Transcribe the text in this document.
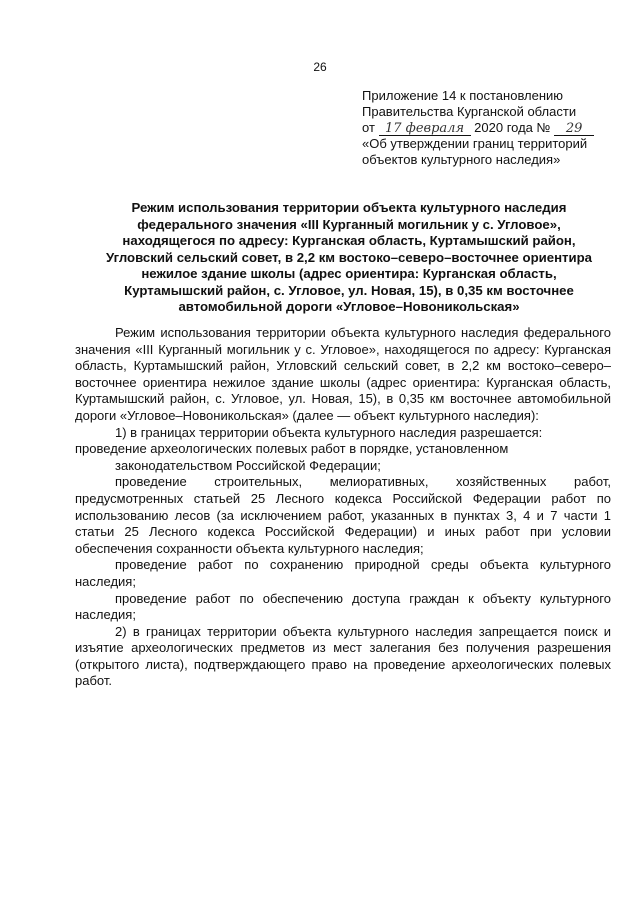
26
Приложение 14 к постановлению
Правительства Курганской области
от 17 февраля 2020 года № 29
«Об утверждении границ территорий
объектов культурного наследия»
Режим использования территории объекта культурного наследия федерального значения «III Курганный могильник у с. Угловое», находящегося по адресу: Курганская область, Куртамышский район, Угловский сельский совет, в 2,2 км востоко–северо–восточнее ориентира нежилое здание школы (адрес ориентира: Курганская область, Куртамышский район, с. Угловое, ул. Новая, 15), в 0,35 км восточнее автомобильной дороги «Угловое–Новоникольская»

Режим использования территории объекта культурного наследия федерального значения «III Курганный могильник у с. Угловое», находящегося по адресу: Курганская область, Куртамышский район, Угловский сельский совет, в 2,2 км востоко–северо–восточнее ориентира нежилое здание школы (адрес ориентира: Курганская область, Куртамышский район, с. Угловое, ул. Новая, 15), в 0,35 км восточнее автомобильной дороги «Угловое–Новоникольская» (далее — объект культурного наследия):

1) в границах территории объекта культурного наследия разрешается:

проведение археологических полевых работ в порядке, установленном

законодательством Российской Федерации;

проведение строительных, мелиоративных, хозяйственных работ, предусмотренных статьей 25 Лесного кодекса Российской Федерации работ по использованию лесов (за исключением работ, указанных в пунктах 3, 4 и 7 части 1 статьи 25 Лесного кодекса Российской Федерации) и иных работ при условии обеспечения сохранности объекта культурного наследия;

проведение работ по сохранению природной среды объекта культурного наследия;

проведение работ по обеспечению доступа граждан к объекту культурного наследия;

2) в границах территории объекта культурного наследия запрещается поиск и изъятие археологических предметов из мест залегания без получения разрешения (открытого листа), подтверждающего право на проведение археологических полевых работ.
